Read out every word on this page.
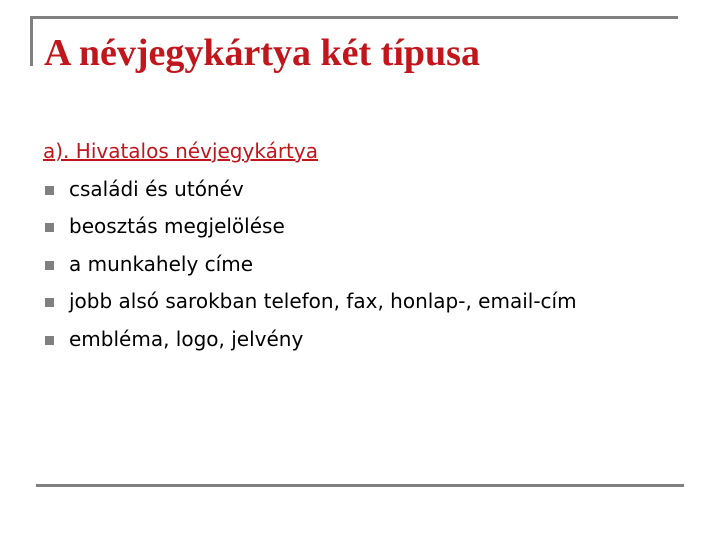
A névjegykártya két típusa
a). Hivatalos névjegykártya
családi és utónév
beosztás megjelölése
a munkahely címe
jobb alsó sarokban telefon, fax, honlap-, email-cím
embléma, logo, jelvény
